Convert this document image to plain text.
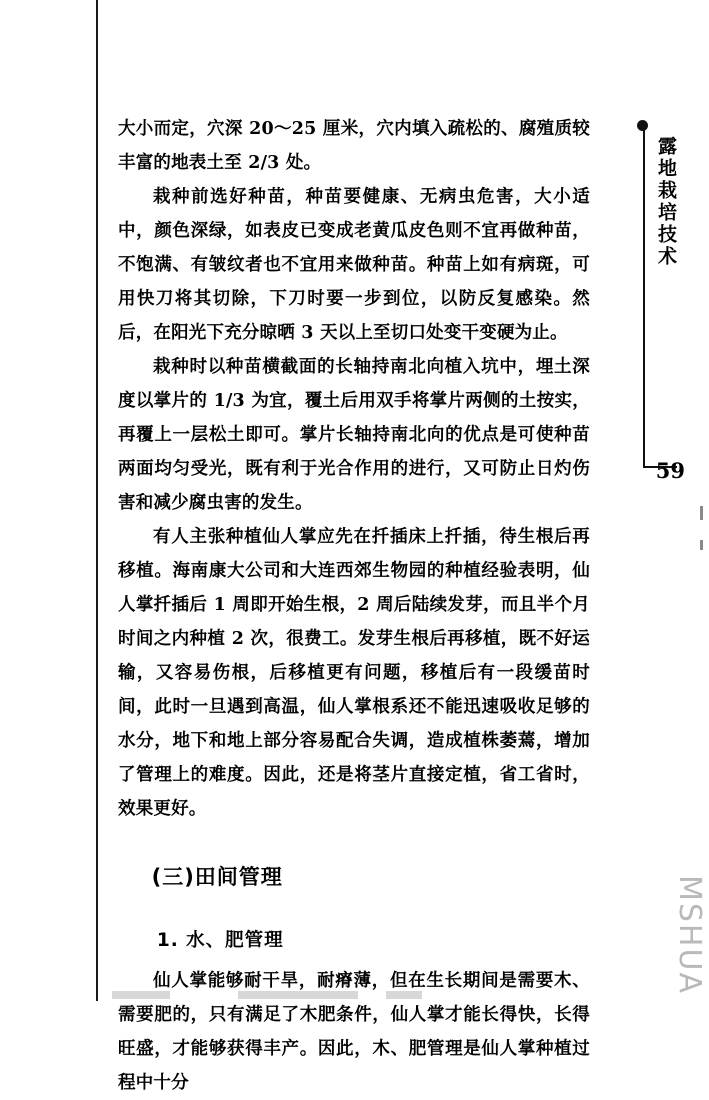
大小而定，穴深 20～25 厘米，穴内填入疏松的、腐殖质较丰富的地表土至 2/3 处。

栽种前选好种苗，种苗要健康、无病虫危害，大小适中，颜色深绿，如表皮已变成老黄瓜皮色则不宜再做种苗，不饱满、有皱纹者也不宜用来做种苗。种苗上如有病斑，可用快刀将其切除，下刀时要一步到位，以防反复感染。然后，在阳光下充分晾晒 3 天以上至切口处变干变硬为止。

栽种时以种苗横截面的长轴持南北向植入坑中，埋土深度以掌片的 1/3 为宜，覆土后用双手将掌片两侧的土按实，再覆上一层松土即可。掌片长轴持南北向的优点是可使种苗两面均匀受光，既有利于光合作用的进行，又可防止日灼伤害和减少腐虫害的发生。

有人主张种植仙人掌应先在扦插床上扦插，待生根后再移植。海南康大公司和大连西郊生物园的种植经验表明，仙人掌扦插后 1 周即开始生根，2 周后陆续发芽，而且半个月时间之内种植 2 次，很费工。发芽生根后再移植，既不好运输，又容易伤根，后移植更有问题，移植后有一段缓苗时间，此时一旦遇到高温，仙人掌根系还不能迅速吸收足够的水分，地下和地上部分容易配合失调，造成植株萎蔫，增加了管理上的难度。因此，还是将茎片直接定植，省工省时，效果更好。

(三)田间管理
1. 水、肥管理

仙人掌能够耐干旱，耐瘠薄，但在生长期间是需要木、需要肥的，只有满足了木肥条件，仙人掌才能长得快，长得旺盛，才能够获得丰产。因此，木、肥管理是仙人掌种植过程中十分

露地栽培技术
59
MSHUA
